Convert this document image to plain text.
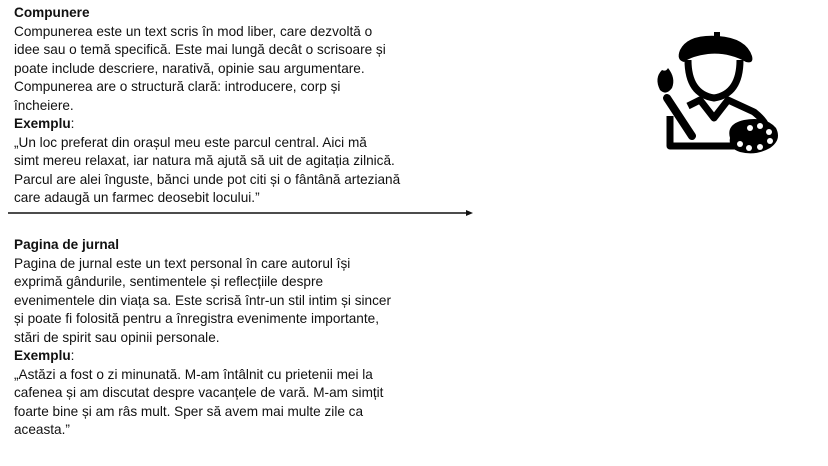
Compunere
Compunerea este un text scris în mod liber, care dezvoltă o
idee sau o temă specifică. Este mai lungă decât o scrisoare și
poate include descriere, narativă, opinie sau argumentare.
Compunerea are o structură clară: introducere, corp și
încheiere.
Exemplu:
„Un loc preferat din orașul meu este parcul central. Aici mă
simt mereu relaxat, iar natura mă ajută să uit de agitația zilnică.
Parcul are alei înguste, bănci unde pot citi și o fântână arteziană
care adaugă un farmec deosebit locului.”
Pagina de jurnal
Pagina de jurnal este un text personal în care autorul își
exprimă gândurile, sentimentele și reflecțiile despre
evenimentele din viața sa. Este scrisă într-un stil intim și sincer
și poate fi folosită pentru a înregistra evenimente importante,
stări de spirit sau opinii personale.
Exemplu:
„Astăzi a fost o zi minunată. M-am întâlnit cu prietenii mei la
cafenea și am discutat despre vacanțele de vară. M-am simțit
foarte bine și am râs mult. Sper să avem mai multe zile ca
aceasta.”
